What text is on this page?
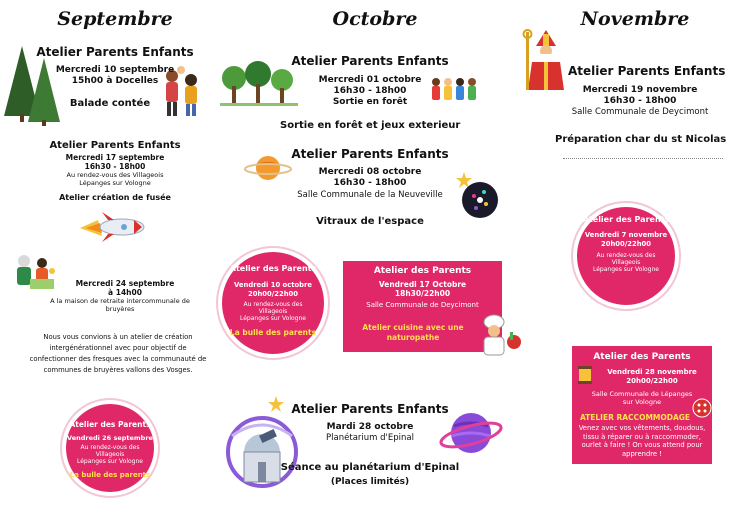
Septembre	Octobre	Novembre
Atelier Parents Enfants
Mercredi 10 septembre
15h00 à Docelles
Balade contée
Atelier Parents Enfants
Mercredi 17 septembre
16h30 - 18h00
Au rendez-vous des Villageois
Lépanges sur Vologne
Atelier création de fusée
Mercredi 24 septembre
à 14h00
A la maison de retraite intercommunale de
bruyères
Nous vous convions à un atelier de création intergénérationnel avec pour objectif de confectionner des fresques avec la communauté de communes de bruyères vallons des Vosges.
Atelier des Parents
Vendredi 26 septembre
Au rendez-vous des
Villageois
Lépanges sur Vologne
La bulle des parents
Atelier Parents Enfants
Mercredi 01 octobre
16h30 - 18h00
Sortie en forêt
Sortie en forêt et jeux exterieur
Atelier Parents Enfants
Mercredi 08 octobre
16h30 - 18h00
Salle Communale de la Neuveville
Vitraux de l'espace
Atelier des Parents
Vendredi 10 octobre
20h00/22h00
Au rendez-vous des
Villageois
Lépanges sur Vologne
La bulle des parents
Atelier des Parents
Vendredi 17 Octobre
18h30/22h00
Salle Communale de Deycimont
Atelier cuisine avec une
naturopathe
Atelier Parents Enfants
Mardi 28 octobre
Planétarium d'Epinal
Séance au planétarium d'Epinal
(Places limités)
Atelier Parents Enfants
Mercredi 19 novembre
16h30 - 18h00
Salle Communale de Deycimont
Préparation char du st Nicolas
Atelier des Parents
Vendredi 7 novembre
20h00/22h00
Au rendez-vous des
Villageois
Lépanges sur Vologne
Atelier des Parents
Vendredi 28 novembre
20h00/22h00
Salle Communale de Lépanges
sur Vologne
ATELIER RACCOMMODAGE
Venez avec vos vêtements, doudous, tissu à réparer ou à raccommoder, ourlet à faire ! On vous attend pour apprendre !
